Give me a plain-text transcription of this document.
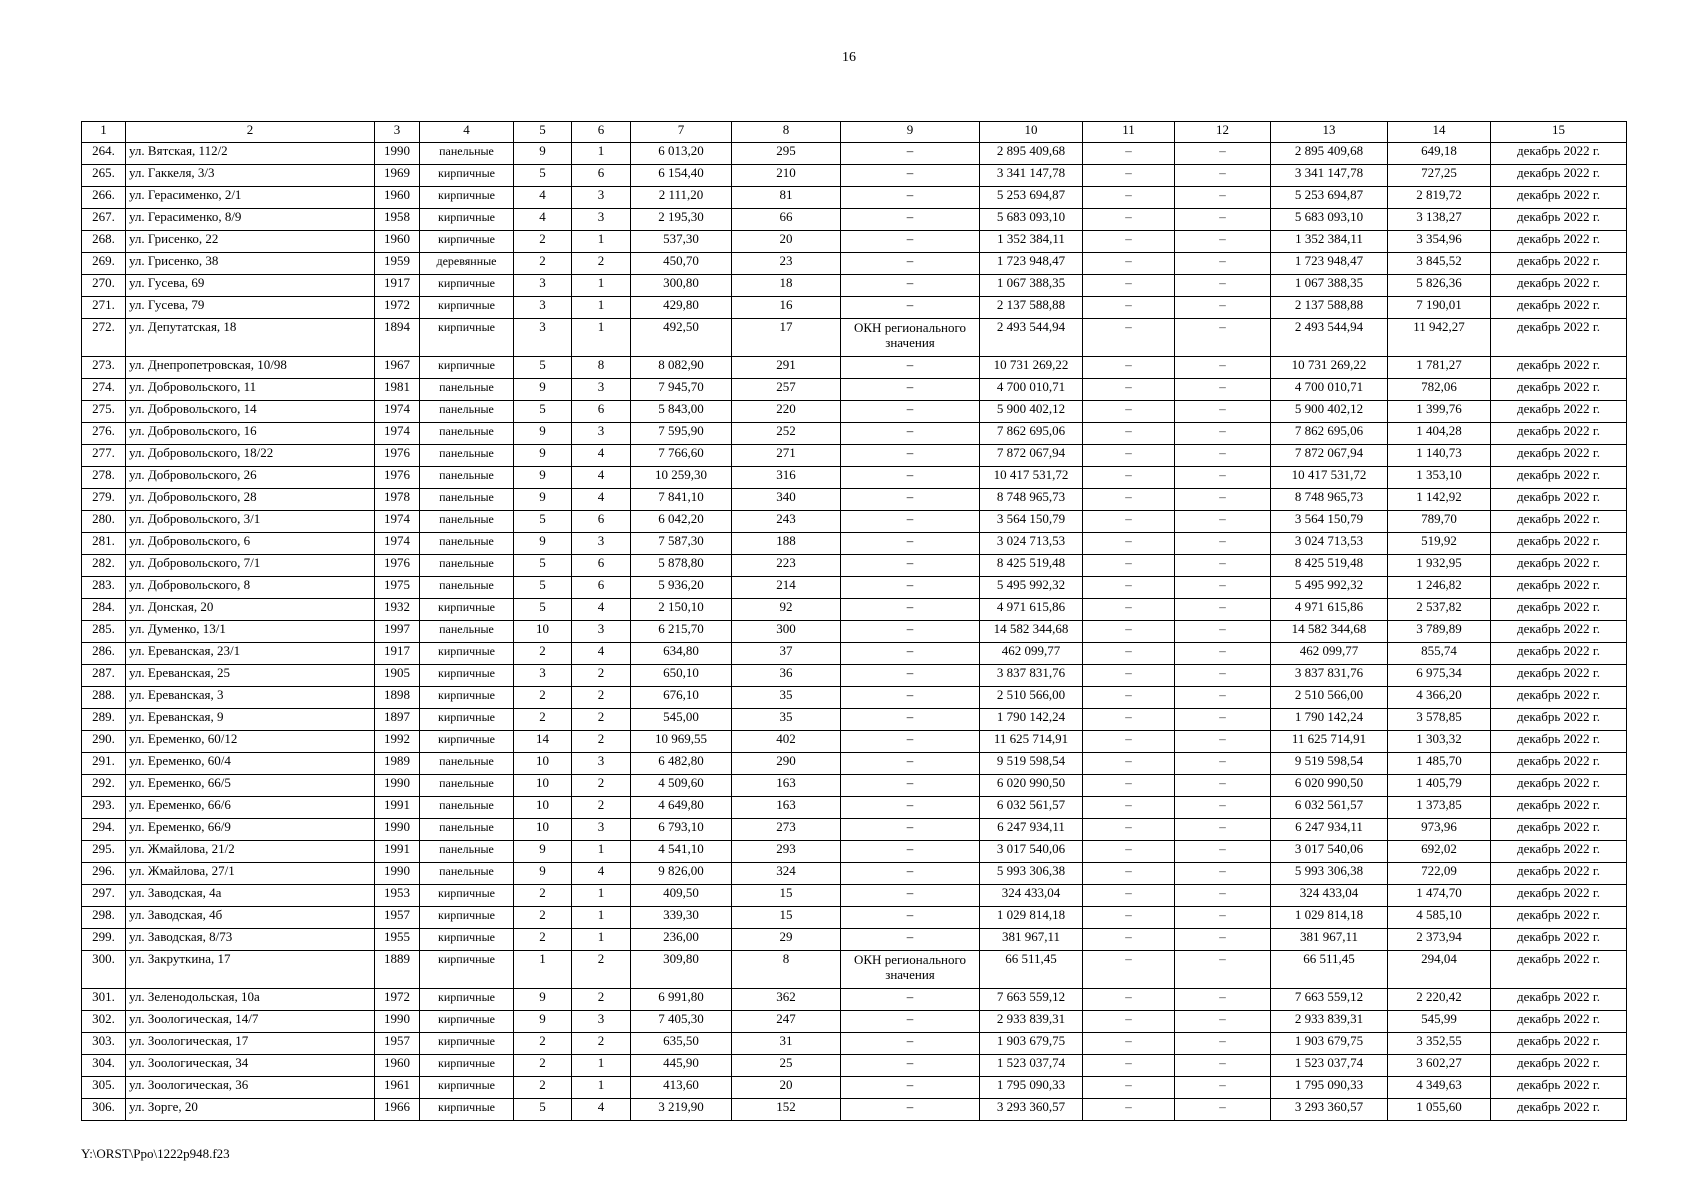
16
1	2	3	4	5	6	7	8	9	10	11	12	13	14	15
264.	ул. Вятская, 112/2	1990	панельные	9	1	6 013,20	295	–	2 895 409,68	–	–	2 895 409,68	649,18	декабрь 2022 г.
265.	ул. Гаккеля, 3/3	1969	кирпичные	5	6	6 154,40	210	–	3 341 147,78	–	–	3 341 147,78	727,25	декабрь 2022 г.
266.	ул. Герасименко, 2/1	1960	кирпичные	4	3	2 111,20	81	–	5 253 694,87	–	–	5 253 694,87	2 819,72	декабрь 2022 г.
267.	ул. Герасименко, 8/9	1958	кирпичные	4	3	2 195,30	66	–	5 683 093,10	–	–	5 683 093,10	3 138,27	декабрь 2022 г.
268.	ул. Грисенко, 22	1960	кирпичные	2	1	537,30	20	–	1 352 384,11	–	–	1 352 384,11	3 354,96	декабрь 2022 г.
269.	ул. Грисенко, 38	1959	деревянные	2	2	450,70	23	–	1 723 948,47	–	–	1 723 948,47	3 845,52	декабрь 2022 г.
270.	ул. Гусева, 69	1917	кирпичные	3	1	300,80	18	–	1 067 388,35	–	–	1 067 388,35	5 826,36	декабрь 2022 г.
271.	ул. Гусева, 79	1972	кирпичные	3	1	429,80	16	–	2 137 588,88	–	–	2 137 588,88	7 190,01	декабрь 2022 г.
272.	ул. Депутатская, 18	1894	кирпичные	3	1	492,50	17	ОКН регионального значения	2 493 544,94	–	–	2 493 544,94	11 942,27	декабрь 2022 г.
273.	ул. Днепропетровская, 10/98	1967	кирпичные	5	8	8 082,90	291	–	10 731 269,22	–	–	10 731 269,22	1 781,27	декабрь 2022 г.
274.	ул. Добровольского, 11	1981	панельные	9	3	7 945,70	257	–	4 700 010,71	–	–	4 700 010,71	782,06	декабрь 2022 г.
275.	ул. Добровольского, 14	1974	панельные	5	6	5 843,00	220	–	5 900 402,12	–	–	5 900 402,12	1 399,76	декабрь 2022 г.
276.	ул. Добровольского, 16	1974	панельные	9	3	7 595,90	252	–	7 862 695,06	–	–	7 862 695,06	1 404,28	декабрь 2022 г.
277.	ул. Добровольского, 18/22	1976	панельные	9	4	7 766,60	271	–	7 872 067,94	–	–	7 872 067,94	1 140,73	декабрь 2022 г.
278.	ул. Добровольского, 26	1976	панельные	9	4	10 259,30	316	–	10 417 531,72	–	–	10 417 531,72	1 353,10	декабрь 2022 г.
279.	ул. Добровольского, 28	1978	панельные	9	4	7 841,10	340	–	8 748 965,73	–	–	8 748 965,73	1 142,92	декабрь 2022 г.
280.	ул. Добровольского, 3/1	1974	панельные	5	6	6 042,20	243	–	3 564 150,79	–	–	3 564 150,79	789,70	декабрь 2022 г.
281.	ул. Добровольского, 6	1974	панельные	9	3	7 587,30	188	–	3 024 713,53	–	–	3 024 713,53	519,92	декабрь 2022 г.
282.	ул. Добровольского, 7/1	1976	панельные	5	6	5 878,80	223	–	8 425 519,48	–	–	8 425 519,48	1 932,95	декабрь 2022 г.
283.	ул. Добровольского, 8	1975	панельные	5	6	5 936,20	214	–	5 495 992,32	–	–	5 495 992,32	1 246,82	декабрь 2022 г.
284.	ул. Донская, 20	1932	кирпичные	5	4	2 150,10	92	–	4 971 615,86	–	–	4 971 615,86	2 537,82	декабрь 2022 г.
285.	ул. Думенко, 13/1	1997	панельные	10	3	6 215,70	300	–	14 582 344,68	–	–	14 582 344,68	3 789,89	декабрь 2022 г.
286.	ул. Ереванская, 23/1	1917	кирпичные	2	4	634,80	37	–	462 099,77	–	–	462 099,77	855,74	декабрь 2022 г.
287.	ул. Ереванская, 25	1905	кирпичные	3	2	650,10	36	–	3 837 831,76	–	–	3 837 831,76	6 975,34	декабрь 2022 г.
288.	ул. Ереванская, 3	1898	кирпичные	2	2	676,10	35	–	2 510 566,00	–	–	2 510 566,00	4 366,20	декабрь 2022 г.
289.	ул. Ереванская, 9	1897	кирпичные	2	2	545,00	35	–	1 790 142,24	–	–	1 790 142,24	3 578,85	декабрь 2022 г.
290.	ул. Еременко, 60/12	1992	кирпичные	14	2	10 969,55	402	–	11 625 714,91	–	–	11 625 714,91	1 303,32	декабрь 2022 г.
291.	ул. Еременко, 60/4	1989	панельные	10	3	6 482,80	290	–	9 519 598,54	–	–	9 519 598,54	1 485,70	декабрь 2022 г.
292.	ул. Еременко, 66/5	1990	панельные	10	2	4 509,60	163	–	6 020 990,50	–	–	6 020 990,50	1 405,79	декабрь 2022 г.
293.	ул. Еременко, 66/6	1991	панельные	10	2	4 649,80	163	–	6 032 561,57	–	–	6 032 561,57	1 373,85	декабрь 2022 г.
294.	ул. Еременко, 66/9	1990	панельные	10	3	6 793,10	273	–	6 247 934,11	–	–	6 247 934,11	973,96	декабрь 2022 г.
295.	ул. Жмайлова, 21/2	1991	панельные	9	1	4 541,10	293	–	3 017 540,06	–	–	3 017 540,06	692,02	декабрь 2022 г.
296.	ул. Жмайлова, 27/1	1990	панельные	9	4	9 826,00	324	–	5 993 306,38	–	–	5 993 306,38	722,09	декабрь 2022 г.
297.	ул. Заводская, 4а	1953	кирпичные	2	1	409,50	15	–	324 433,04	–	–	324 433,04	1 474,70	декабрь 2022 г.
298.	ул. Заводская, 4б	1957	кирпичные	2	1	339,30	15	–	1 029 814,18	–	–	1 029 814,18	4 585,10	декабрь 2022 г.
299.	ул. Заводская, 8/73	1955	кирпичные	2	1	236,00	29	–	381 967,11	–	–	381 967,11	2 373,94	декабрь 2022 г.
300.	ул. Закруткина, 17	1889	кирпичные	1	2	309,80	8	ОКН регионального значения	66 511,45	–	–	66 511,45	294,04	декабрь 2022 г.
301.	ул. Зеленодольская, 10а	1972	кирпичные	9	2	6 991,80	362	–	7 663 559,12	–	–	7 663 559,12	2 220,42	декабрь 2022 г.
302.	ул. Зоологическая, 14/7	1990	кирпичные	9	3	7 405,30	247	–	2 933 839,31	–	–	2 933 839,31	545,99	декабрь 2022 г.
303.	ул. Зоологическая, 17	1957	кирпичные	2	2	635,50	31	–	1 903 679,75	–	–	1 903 679,75	3 352,55	декабрь 2022 г.
304.	ул. Зоологическая, 34	1960	кирпичные	2	1	445,90	25	–	1 523 037,74	–	–	1 523 037,74	3 602,27	декабрь 2022 г.
305.	ул. Зоологическая, 36	1961	кирпичные	2	1	413,60	20	–	1 795 090,33	–	–	1 795 090,33	4 349,63	декабрь 2022 г.
306.	ул. Зорге, 20	1966	кирпичные	5	4	3 219,90	152	–	3 293 360,57	–	–	3 293 360,57	1 055,60	декабрь 2022 г.
Y:\ORST\Ppo\1222p948.f23
